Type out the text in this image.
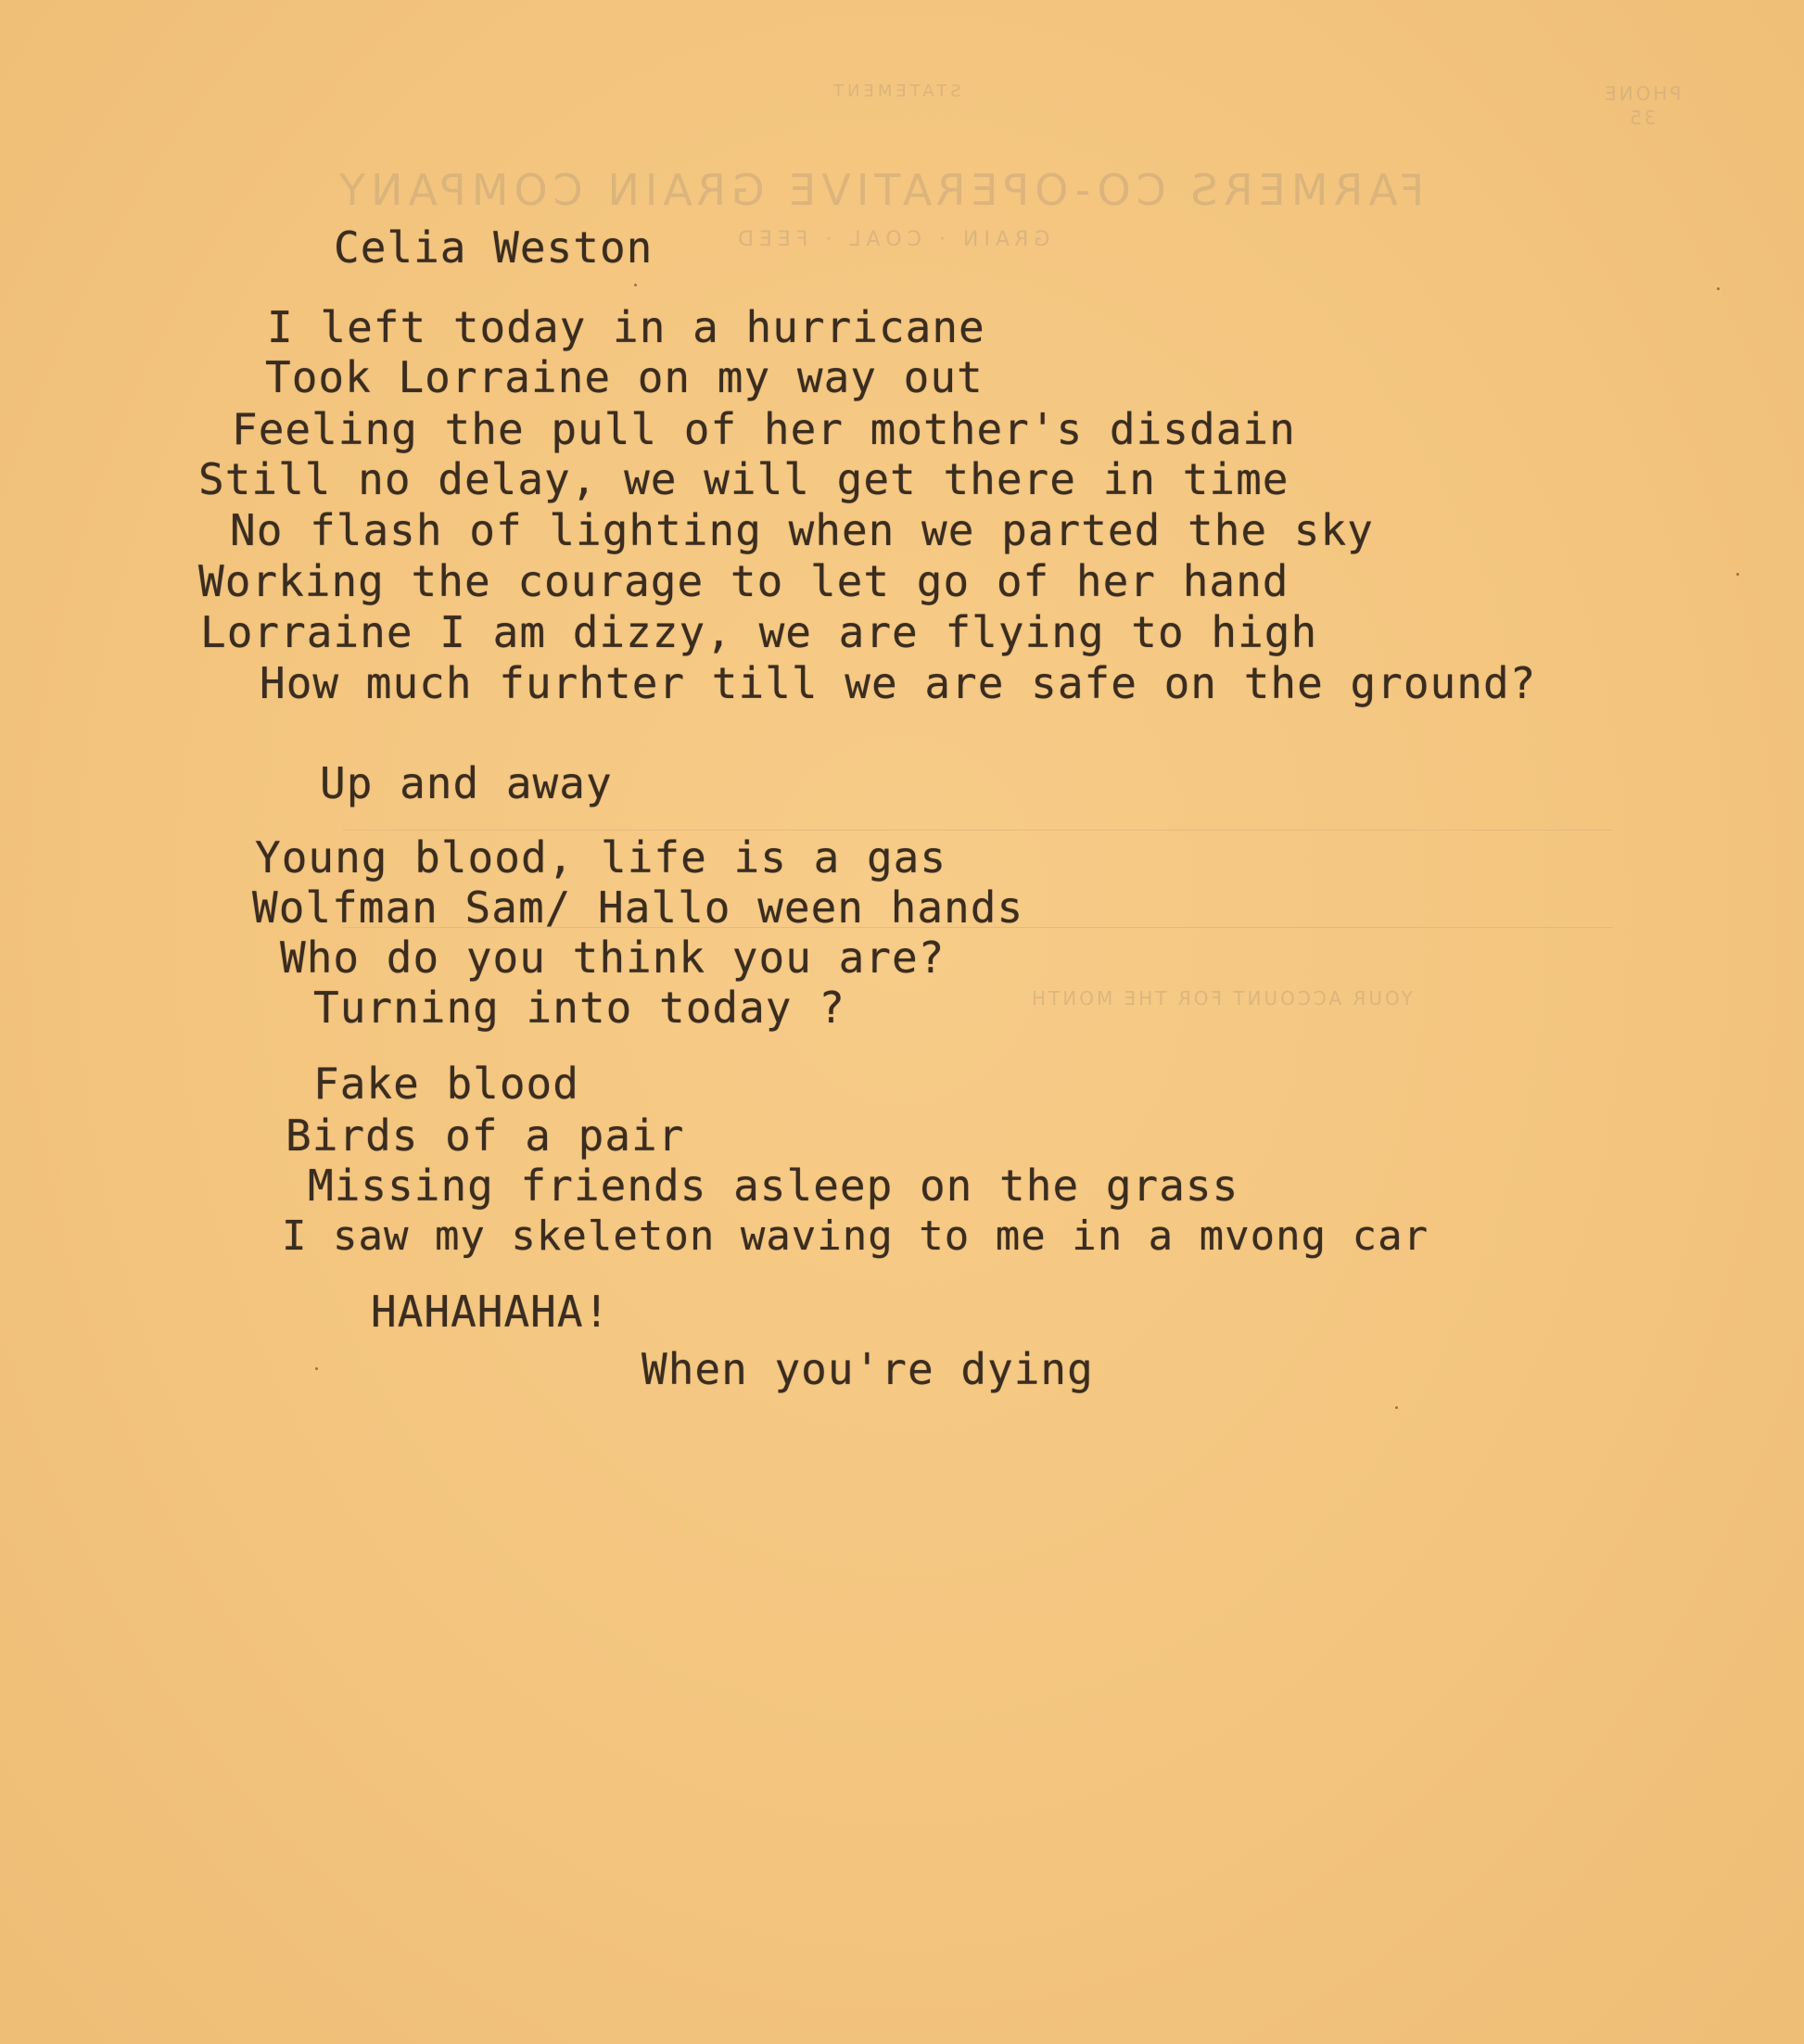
STATEMENT	PHONE
35
FARMERS CO-OPERATIVE GRAIN COMPANY
GRAIN · COAL · FEED
YOUR ACCOUNT FOR THE MONTH
Celia Weston
I left today in a hurricane
Took Lorraine on my way out
Feeling the pull of her mother's disdain
Still no delay, we will get there in time
No flash of lighting when we parted the sky
Working the courage to let go of her hand
Lorraine I am dizzy, we are flying to high
How much furhter till we are safe on the ground?
Up and away
Young blood, life is a gas
Wolfman Sam/ Hallo ween hands
Who do you think you are?
Turning into today ?
Fake blood
Birds of a pair
Missing friends asleep on the grass
I saw my skeleton waving to me in a mvong car
HAHAHAHA!
When you're dying
